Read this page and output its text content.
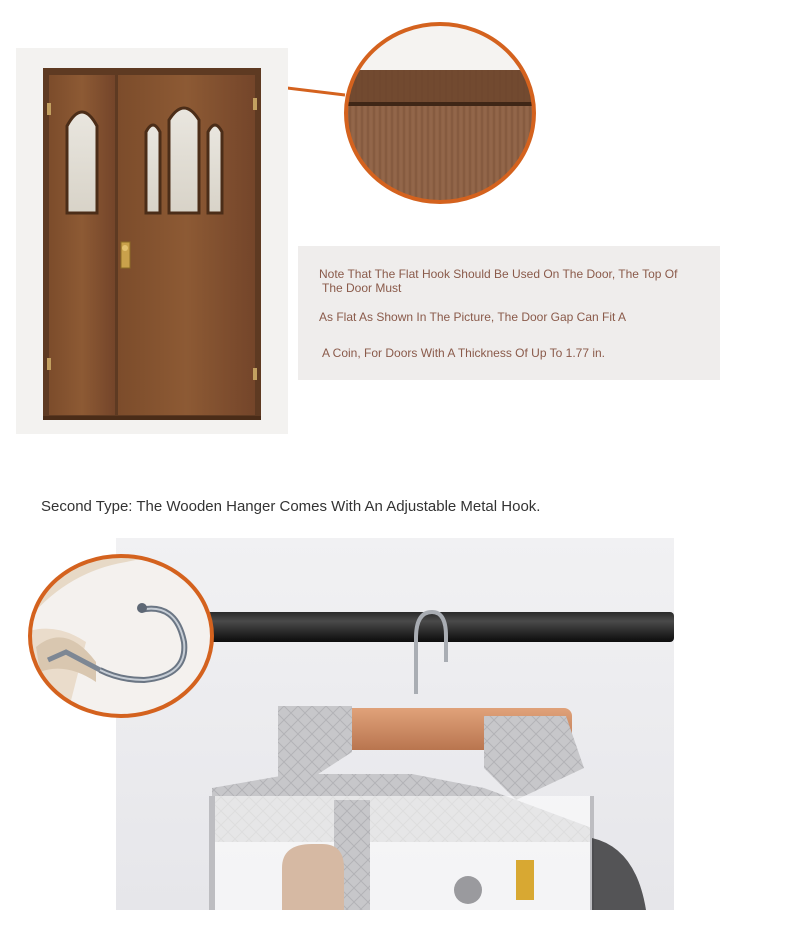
Note That The Flat Hook Should Be Used On The Door, The Top Of
The Door Must
As Flat As Shown In The Picture, The Door Gap Can Fit A
A Coin, For Doors With A Thickness Of Up To 1.77 in.
Second Type: The Wooden Hanger Comes With An Adjustable Metal Hook.
